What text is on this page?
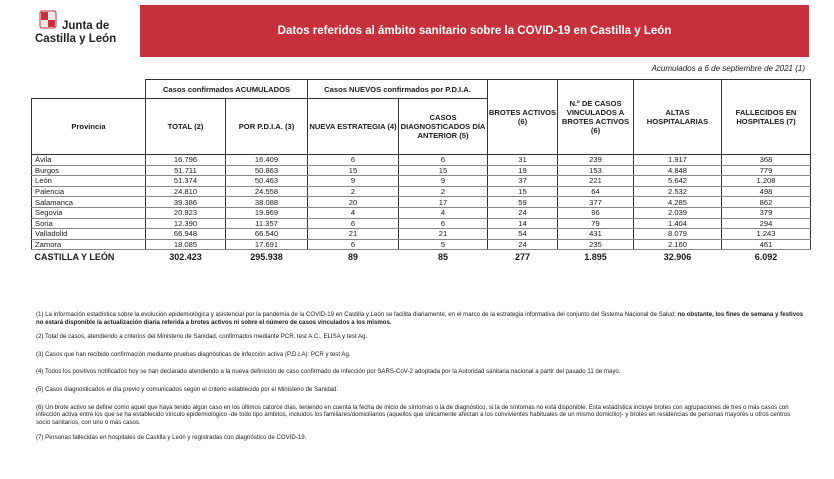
Junta de
Castilla y León
Datos referidos al ámbito sanitario sobre la COVID-19 en Castilla y León
Acumulados a 6 de septiembre de 2021 (1)
	Casos confirmados ACUMULADOS		Casos NUEVOS confirmados por P.D.I.A.		BROTES ACTIVOS (6)	N.º DE CASOS VINCULADOS A BROTES ACTIVOS (6)	ALTAS HOSPITALARIAS	FALLECIDOS EN HOSPITALES (7)
Provincia	TOTAL (2)	POR P.D.I.A. (3)	NUEVA ESTRATEGIA (4)	CASOS DIAGNOSTICADOS DÍA ANTERIOR (5)				
Ávila	16.796	16.409	6	6	31	239	1.917	368
Burgos	51.711	50.863	15	15	19	153	4.848	779
León	51.374	50.463	9	9	37	221	5.642	1.208
Palencia	24.810	24.558	2	2	15	64	2.532	498
Salamanca	39.386	38.088	20	17	59	377	4.285	862
Segovia	20.923	19.969	4	4	24	96	2.039	379
Soria	12.390	11.357	6	6	14	79	1.404	294
Valladolid	66.948	66.540	21	21	54	431	8.079	1.243
Zamora	18.085	17.691	6	5	24	235	2.160	461
CASTILLA Y LEÓN	302.423	295.938	89	85	277	1.895	32.906	6.092

(1) La información estadística sobre la evolución epidemiológica y asistencial por la pandemia de la COVID-19 en Castilla y León se facilita diariamente, en el marco de la estrategia informativa del conjunto del Sistema Nacional de Salud; no obstante, los fines de semana y festivos no estará disponible la actualización diaria referida a brotes activos ni sobre el número de casos vinculados a los mismos.

(2) Total de casos, atendiendo a criterios del Ministerio de Sanidad, confirmados mediante PCR, test A.C., ELISA y test Ag.

(3) Casos que han recibido confirmación mediante pruebas diagnósticas de infección activa (P.D.I.A): PCR y test Ag.

(4) Todos los positivos notificados hoy se han declarado atendiendo a la nueva definición de caso confirmado de infección por SARS-CoV-2 adoptada por la Autoridad sanitaria nacional a partir del pasado 11 de mayo.

(5) Casos diagnosticados el día previo y comunicados según el criterio establecido por el Ministerio de Sanidad.

(6) Un brote activo se define como aquel que haya tenido algún caso en los últimos catorce días, teniendo en cuenta la fecha de inicio de síntomas o la de diagnóstico, si la de síntomas no está disponible. Esta estadística incluye brotes con agrupaciones de tres o más casos con infección activa entre los que se ha establecido vínculo epidemiológico -de todo tipo ámbitos, incluidos los familiares/domiciliarios (aquellos que únicamente afectan a los convivientes habituales de un mismo domicilio)- y brotes en residencias de personas mayores u otros centros socio sanitarios, con uno o más casos.

(7) Personas fallecidas en hospitales de Castilla y León y registradas con diagnóstico de COVID-19.
